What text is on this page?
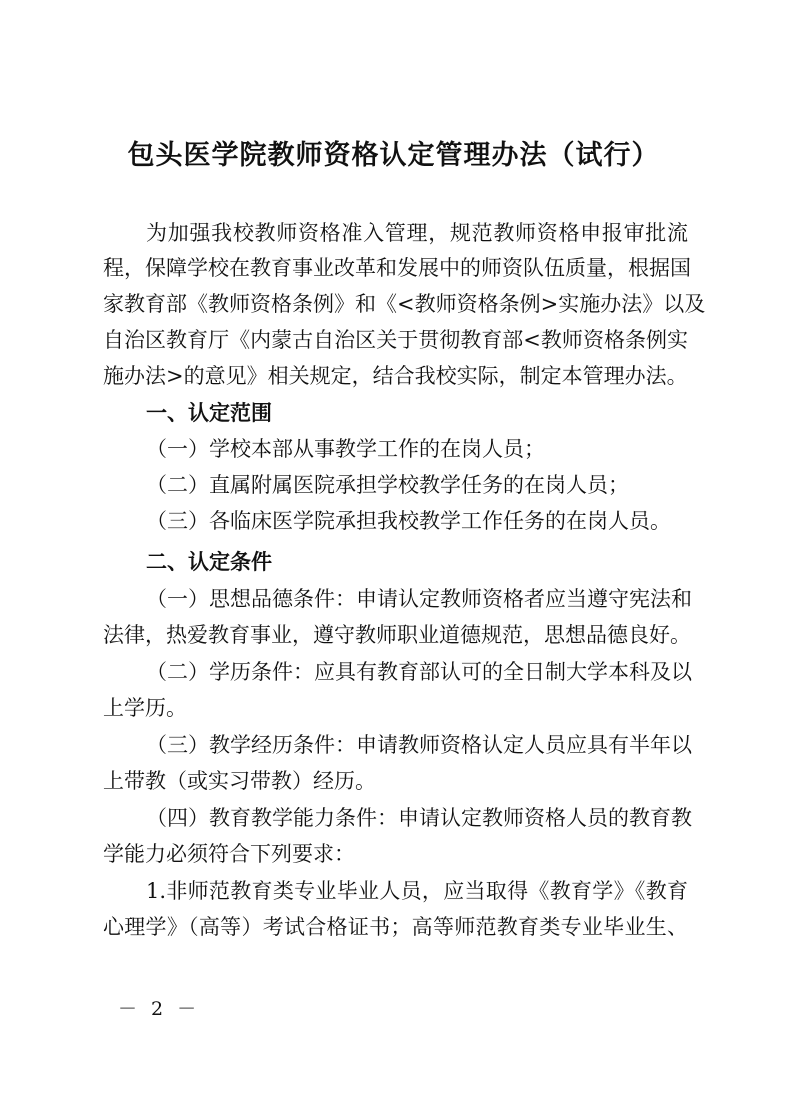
包头医学院教师资格认定管理办法（试行）
为加强我校教师资格准入管理，规范教师资格申报审批流
程，保障学校在教育事业改革和发展中的师资队伍质量，根据国
家教育部《教师资格条例》和《<教师资格条例>实施办法》以及
自治区教育厅《内蒙古自治区关于贯彻教育部<教师资格条例实
施办法>的意见》相关规定，结合我校实际，制定本管理办法。
一、认定范围
（一）学校本部从事教学工作的在岗人员；
（二）直属附属医院承担学校教学任务的在岗人员；
（三）各临床医学院承担我校教学工作任务的在岗人员。
二、认定条件
（一）思想品德条件：申请认定教师资格者应当遵守宪法和
法律，热爱教育事业，遵守教师职业道德规范，思想品德良好。
（二）学历条件：应具有教育部认可的全日制大学本科及以
上学历。
（三）教学经历条件：申请教师资格认定人员应具有半年以
上带教（或实习带教）经历。
（四）教育教学能力条件：申请认定教师资格人员的教育教
学能力必须符合下列要求：
1.非师范教育类专业毕业人员，应当取得《教育学》《教育
心理学》（高等）考试合格证书；高等师范教育类专业毕业生、
－ 2 －
